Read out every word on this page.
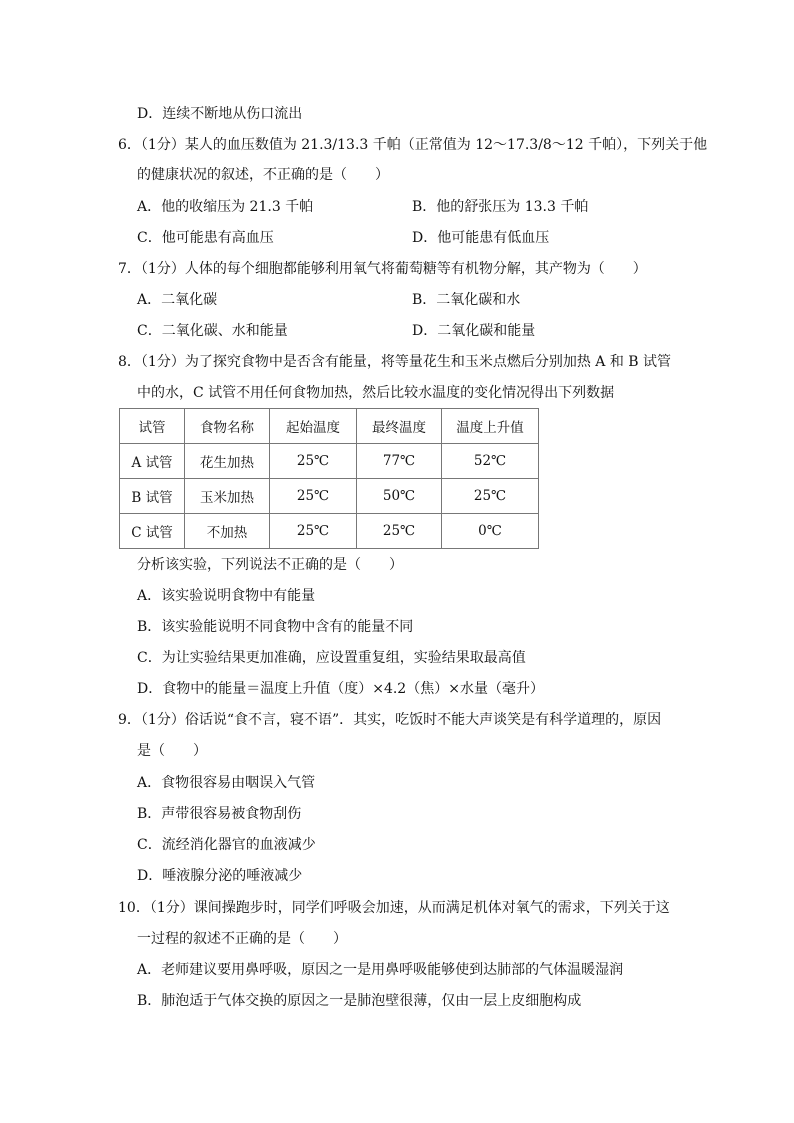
D．连续不断地从伤口流出
6．（1分）某人的血压数值为 21.3/13.3 千帕（正常值为 12～17.3/8～12 千帕），下列关于他
的健康状况的叙述，不正确的是（　　）
A．他的收缩压为 21.3 千帕	B．他的舒张压为 13.3 千帕
C．他可能患有高血压	D．他可能患有低血压
7．（1分）人体的每个细胞都能够利用氧气将葡萄糖等有机物分解，其产物为（　　）
A．二氧化碳	B．二氧化碳和水
C．二氧化碳、水和能量	D．二氧化碳和能量
8．（1分）为了探究食物中是否含有能量，将等量花生和玉米点燃后分别加热 A 和 B 试管
中的水，C 试管不用任何食物加热，然后比较水温度的变化情况得出下列数据
试管	食物名称	起始温度	最终温度	温度上升值
A 试管	花生加热	25℃	77℃	52℃
B 试管	玉米加热	25℃	50℃	25℃
C 试管	不加热	25℃	25℃	0℃
分析该实验，下列说法不正确的是（　　）
A．该实验说明食物中有能量
B．该实验能说明不同食物中含有的能量不同
C．为让实验结果更加准确，应设置重复组，实验结果取最高值
D．食物中的能量＝温度上升值（度）×4.2（焦）×水量（毫升）
9．（1分）俗话说“食不言，寝不语”．其实，吃饭时不能大声谈笑是有科学道理的，原因
是（　　）
A．食物很容易由咽误入气管
B．声带很容易被食物刮伤
C．流经消化器官的血液减少
D．唾液腺分泌的唾液减少
10．（1分）课间操跑步时，同学们呼吸会加速，从而满足机体对氧气的需求，下列关于这
一过程的叙述不正确的是（　　）
A．老师建议要用鼻呼吸，原因之一是用鼻呼吸能够使到达肺部的气体温暖湿润
B．肺泡适于气体交换的原因之一是肺泡壁很薄，仅由一层上皮细胞构成
